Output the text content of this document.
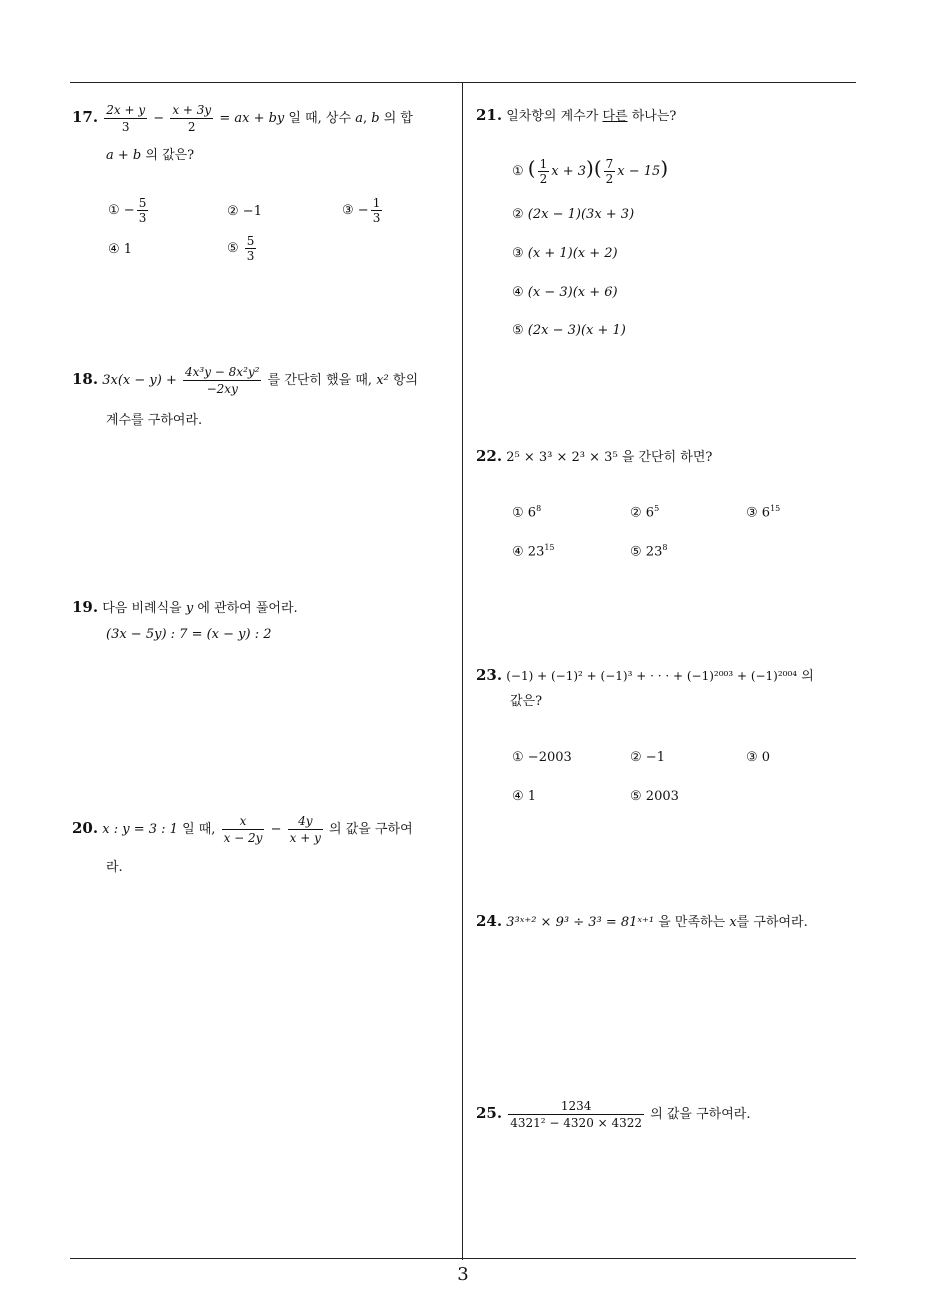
17. $\frac{2x + y}{3} - \frac{x + 3y}{2}$ = ax + by 일 때, 상수 a, b 의 합
a + b 의 값은?
① − $\frac{5}{3}$	② −1	③ − $\frac{1}{3}$
④ 1	⑤ $\frac{5}{3}$
18. $3x(x - y) + \frac{\text{4x³y − 8x²y²}}{-2xy}$ 를 간단히 했을 때, x² 항의
계수를 구하여라.
19. 다음 비례식을 y 에 관하여 풀어라.
(3x − 5y) : 7 = (x − y) : 2
20. x : y = 3 : 1 일 때, $\frac{x}{x - 2y} - \frac{4y}{x + y}$ 의 값을 구하여
라.
21. 일차항의 계수가 다른 하나는?
① ( $\frac{1}{2}$ $x + 3)( \frac{7}{2}$ x − 15)
② (2x − 1)(3x + 3)
③ (x + 1)(x + 2)
④ (x − 3)(x + 6)
⑤ (2x − 3)(x + 1)
22. 2⁵ × 3³ × 2³ × 3⁵ 을 간단히 하면?
① $6^8$	② $6^5$	③ $6^{15}$
④ $23^{15}$	⑤ $23^8$
23. (−1) + (−1)² + (−1)³ + · · · + (−1)²⁰⁰³ + (−1)²⁰⁰⁴ 의
값은?
① −2003	② −1	③ 0
④ 1	⑤ 2003
24. 3³ˣ⁺² × 9³ ÷ 3³ = 81ˣ⁺¹ 을 만족하는 x를 구하여라.
25. $\frac{1234}{\text{4321² − 4320 × 4322}}$ 의 값을 구하여라.
3
